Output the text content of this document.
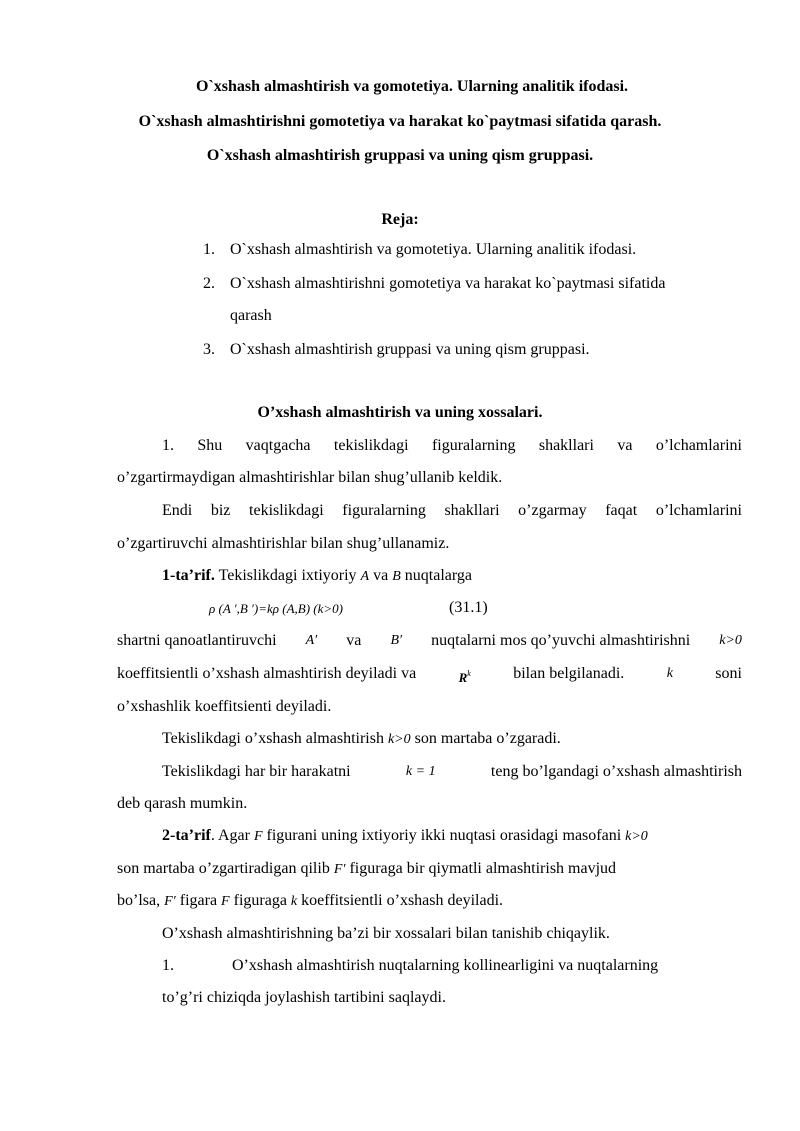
O`xshash almashtirish va gomotetiya. Ularning analitik ifodasi.
O`xshash almashtirishni gomotetiya va harakat ko`paytmasi sifatida qarash.
O`xshash almashtirish gruppasi va uning qism gruppasi.
Reja:
1. O`xshash almashtirish va gomotetiya. Ularning analitik ifodasi.
2. O`xshash almashtirishni gomotetiya va harakat ko`paytmasi sifatida
qarash
3. O`xshash almashtirish gruppasi va uning qism gruppasi.
O’xshash almashtirish va uning xossalari.
1. Shu vaqtgacha tekislikdagi figuralarning shakllari va o’lchamlarini
o’zgartirmaydigan almashtirishlar bilan shug’ullanib keldik.
Endi biz tekislikdagi figuralarning shakllari o’zgarmay faqat o’lchamlarini
o’zgartiruvchi almashtirishlar bilan shug’ullanamiz.
1-ta’rif. Tekislikdagi ixtiyoriy A va B nuqtalarga
ρ (A ′,B ′)=kρ (A,B) (k>0)	(31.1)
shartni qanoatlantiruvchi A′ va B′ nuqtalarni mos qo’yuvchi almashtirishni k>0
koeffitsientli o’xshash almashtirish deyiladi va	$R^k$	bilan belgilanadi.	k	soni
o’xshashlik koeffitsienti deyiladi.
Tekislikdagi o’xshash almashtirish k>0 son martaba o’zgaradi.
Tekislikdagi har bir harakatni	k = 1	teng bo’lgandagi o’xshash almashtirish
deb qarash mumkin.
2-ta’rif. Agar F figurani uning ixtiyoriy ikki nuqtasi orasidagi masofani k>0
son martaba o’zgartiradigan qilib F′ figuraga bir qiymatli almashtirish mavjud
bo’lsa, F′ figara F figuraga k koeffitsientli o’xshash deyiladi.
O’xshash almashtirishning ba’zi bir xossalari bilan tanishib chiqaylik.
1.	O’xshash almashtirish nuqtalarning kollinearligini va nuqtalarning
to’g’ri chiziqda joylashish tartibini saqlaydi.
